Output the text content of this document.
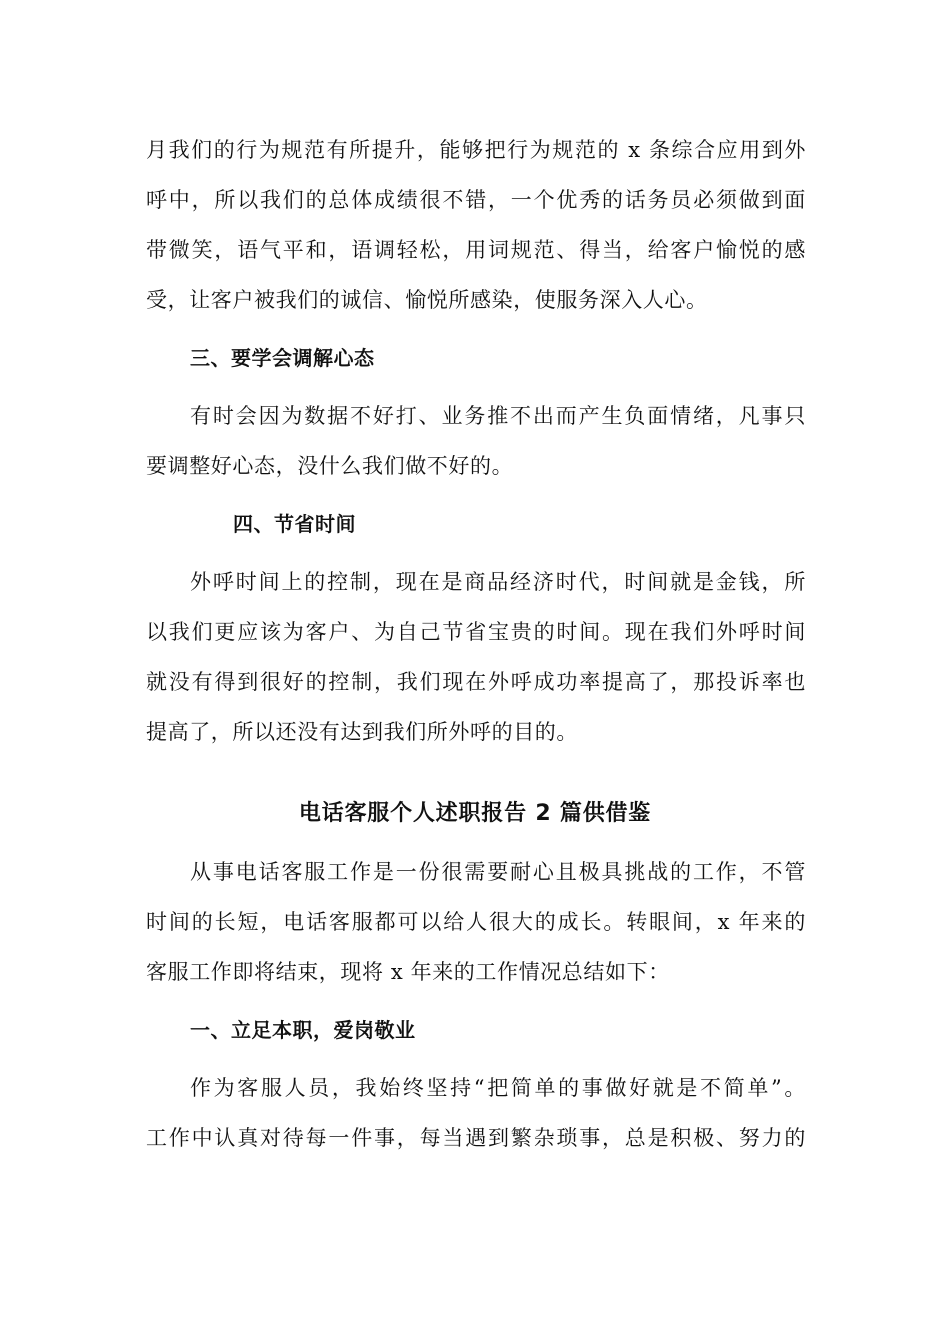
月我们的行为规范有所提升，能够把行为规范的 x 条综合应用到外
呼中，所以我们的总体成绩很不错，一个优秀的话务员必须做到面
带微笑，语气平和，语调轻松，用词规范、得当，给客户愉悦的感
受，让客户被我们的诚信、愉悦所感染，使服务深入人心。
三、要学会调解心态
有时会因为数据不好打、业务推不出而产生负面情绪，凡事只
要调整好心态，没什么我们做不好的。
四、节省时间
外呼时间上的控制，现在是商品经济时代，时间就是金钱，所
以我们更应该为客户、为自己节省宝贵的时间。现在我们外呼时间
就没有得到很好的控制，我们现在外呼成功率提高了，那投诉率也
提高了，所以还没有达到我们所外呼的目的。
电话客服个人述职报告 2 篇供借鉴
从事电话客服工作是一份很需要耐心且极具挑战的工作，不管
时间的长短，电话客服都可以给人很大的成长。转眼间，x 年来的
客服工作即将结束，现将 x 年来的工作情况总结如下：
一、立足本职，爱岗敬业
作为客服人员，我始终坚持“把简单的事做好就是不简单”。
工作中认真对待每一件事，每当遇到繁杂琐事，总是积极、努力的
